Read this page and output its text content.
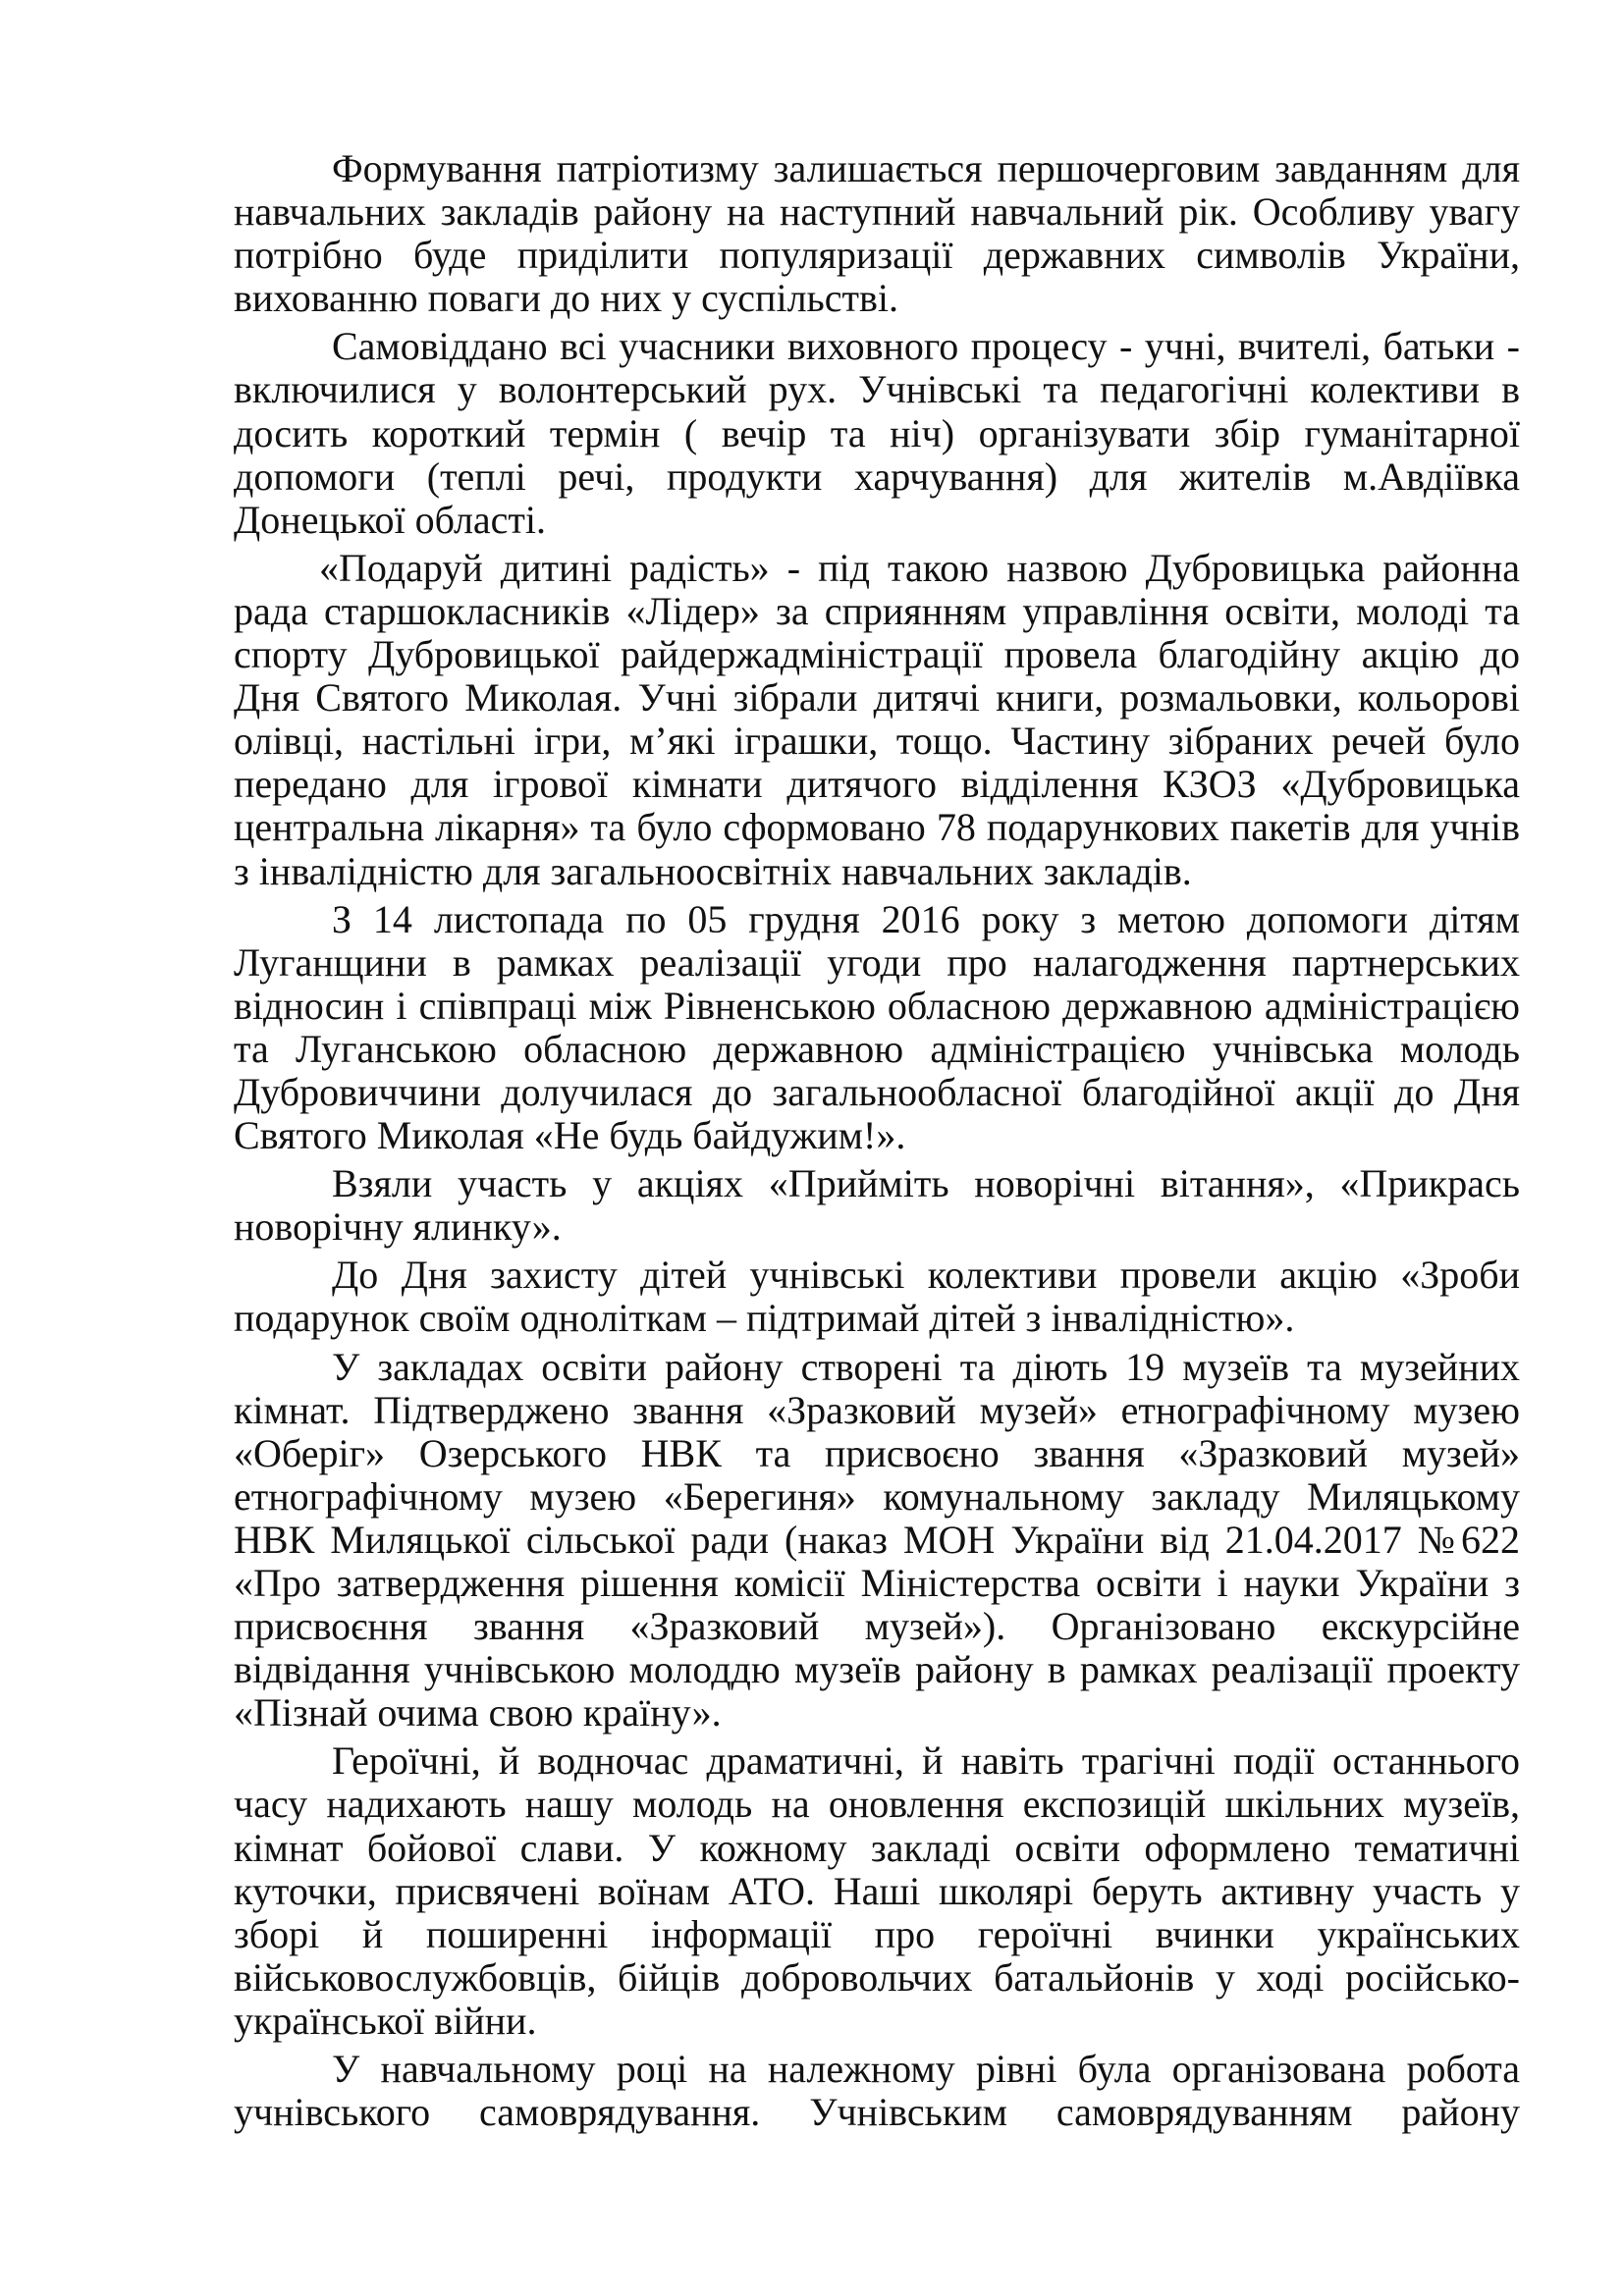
Формування патріотизму залишається першочерговим завданням для навчальних закладів району на наступний навчальний рік. Особливу увагу потрібно буде приділити популяризації державних символів України, вихованню поваги до них у суспільстві.

Самовіддано всі учасники виховного процесу - учні, вчителі, батьки - включилися у волонтерський рух. Учнівські та педагогічні колективи в досить короткий термін ( вечір та ніч) організувати збір гуманітарної допомоги (теплі речі, продукти харчування) для жителів м.Авдіївка Донецької області.

«Подаруй дитині радість» - під такою назвою Дубровицька районна рада старшокласників «Лідер» за сприянням управління освіти, молоді та спорту Дубровицької райдержадміністрації провела благодійну акцію до Дня Святого Миколая. Учні зібрали дитячі книги, розмальовки, кольорові олівці, настільні ігри, м’які іграшки, тощо. Частину зібраних речей було передано для ігрової кімнати дитячого відділення КЗОЗ «Дубровицька центральна лікарня» та було сформовано 78 подарункових пакетів для учнів з інвалідністю для загальноосвітніх навчальних закладів.

З 14 листопада по 05 грудня 2016 року з метою допомоги дітям Луганщини в рамках реалізації угоди про налагодження партнерських відносин і співпраці між Рівненською обласною державною адміністрацією та Луганською обласною державною адміністрацією учнівська молодь Дубровиччини долучилася до загальнообласної благодійної акції до Дня Святого Миколая «Не будь байдужим!».

Взяли участь у акціях «Прийміть новорічні вітання», «Прикрась новорічну ялинку».

До Дня захисту дітей учнівські колективи провели акцію «Зроби подарунок своїм одноліткам – підтримай дітей з інвалідністю».

У закладах освіти району створені та діють 19 музеїв та музейних кімнат. Підтверджено звання «Зразковий музей» етнографічному музею «Оберіг» Озерського НВК та присвоєно звання «Зразковий музей» етнографічному музею «Берегиня» комунальному закладу Миляцькому НВК Миляцької сільської ради (наказ МОН України від 21.04.2017 №622 «Про затвердження рішення комісії Міністерства освіти і науки України з присвоєння звання «Зразковий музей»). Організовано екскурсійне відвідання учнівською молоддю музеїв району в рамках реалізації проекту «Пізнай очима свою країну».

Героїчні, й водночас драматичні, й навіть трагічні події останнього часу надихають нашу молодь на оновлення експозицій шкільних музеїв, кімнат бойової слави. У кожному закладі освіти оформлено тематичні куточки, присвячені воїнам АТО. Наші школярі беруть активну участь у зборі й поширенні інформації про героїчні вчинки українських військовослужбовців, бійців добровольчих батальйонів у ході російсько-української війни.

У навчальному році на належному рівні була організована робота учнівського самоврядування. Учнівським самоврядуванням району
